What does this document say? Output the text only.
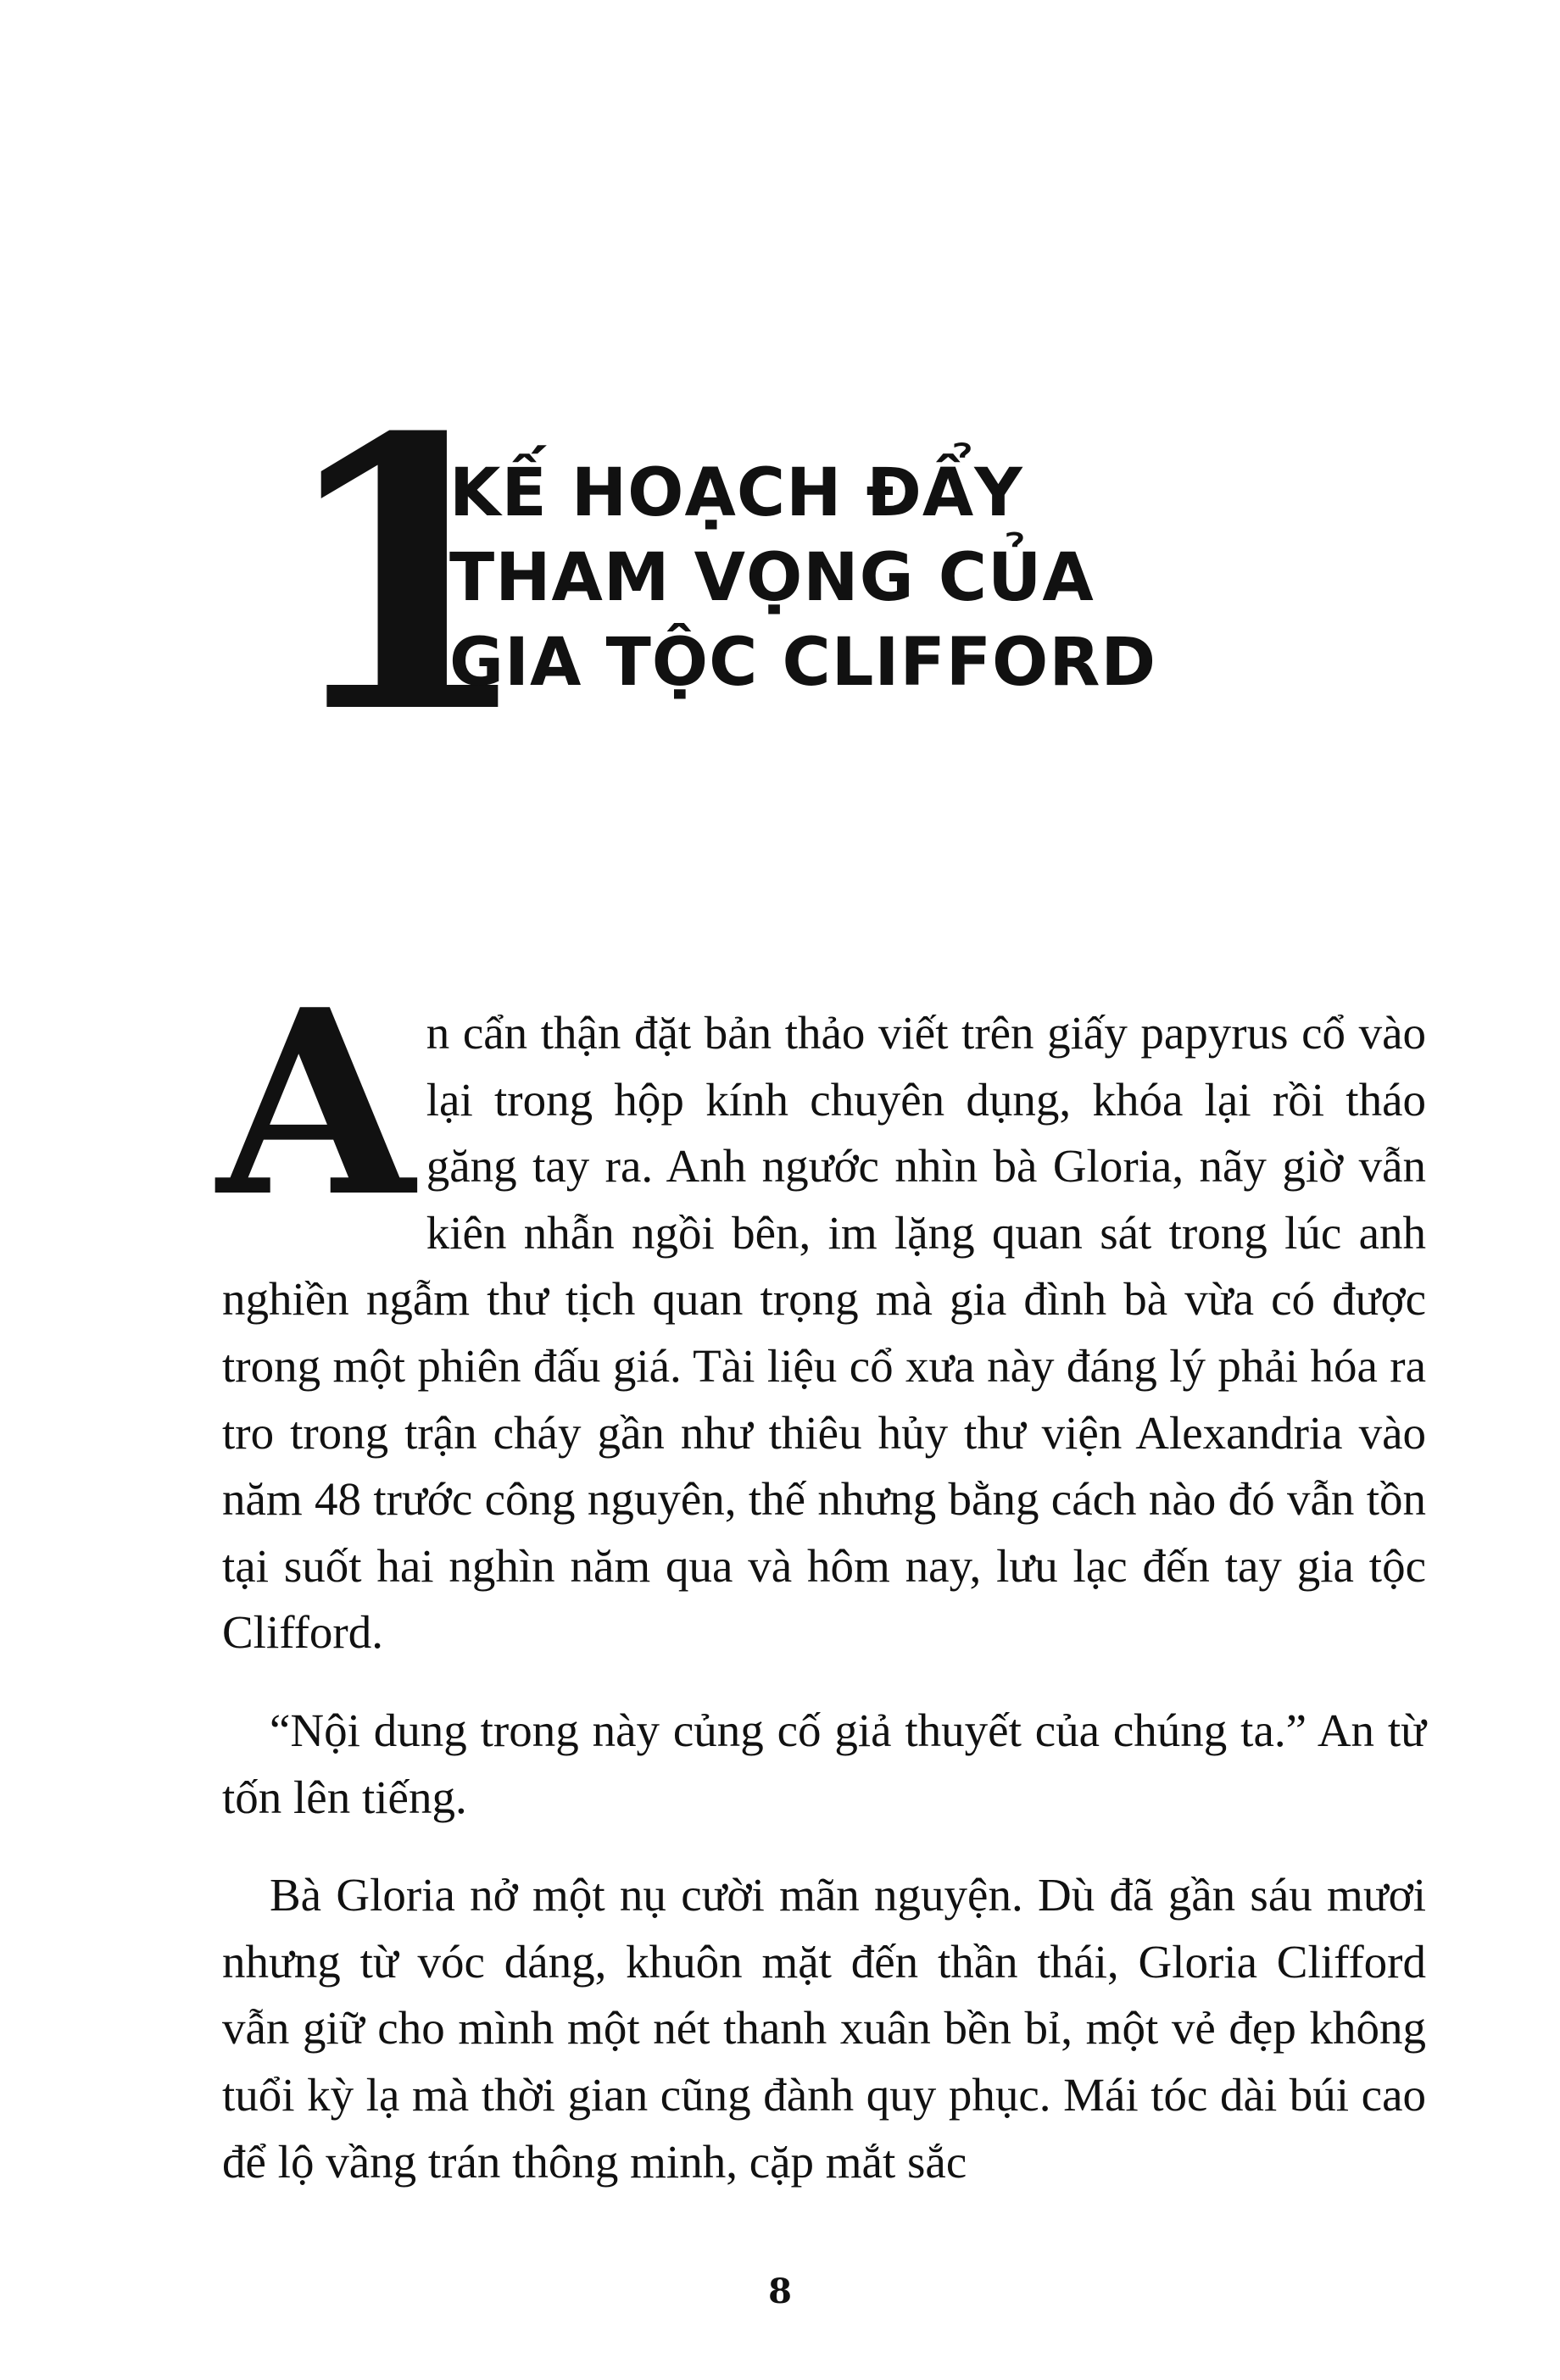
1
KẾ HOẠCH ĐẨY
THAM VỌNG CỦA
GIA TỘC CLIFFORD

A n cẩn thận đặt bản thảo viết trên giấy papyrus cổ vào lại trong hộp kính chuyên dụng, khóa lại rồi tháo găng tay ra. Anh ngước nhìn bà Gloria, nãy giờ vẫn kiên nhẫn ngồi bên, im lặng quan sát trong lúc anh nghiền ngẫm thư tịch quan trọng mà gia đình bà vừa có được trong một phiên đấu giá. Tài liệu cổ xưa này đáng lý phải hóa ra tro trong trận cháy gần như thiêu hủy thư viện Alexandria vào năm 48 trước công nguyên, thế nhưng bằng cách nào đó vẫn tồn tại suốt hai nghìn năm qua và hôm nay, lưu lạc đến tay gia tộc Clifford.

“Nội dung trong này củng cố giả thuyết của chúng ta.” An từ tốn lên tiếng.

Bà Gloria nở một nụ cười mãn nguyện. Dù đã gần sáu mươi nhưng từ vóc dáng, khuôn mặt đến thần thái, Gloria Clifford vẫn giữ cho mình một nét thanh xuân bền bỉ, một vẻ đẹp không tuổi kỳ lạ mà thời gian cũng đành quy phục. Mái tóc dài búi cao để lộ vầng trán thông minh, cặp mắt sắc

8
